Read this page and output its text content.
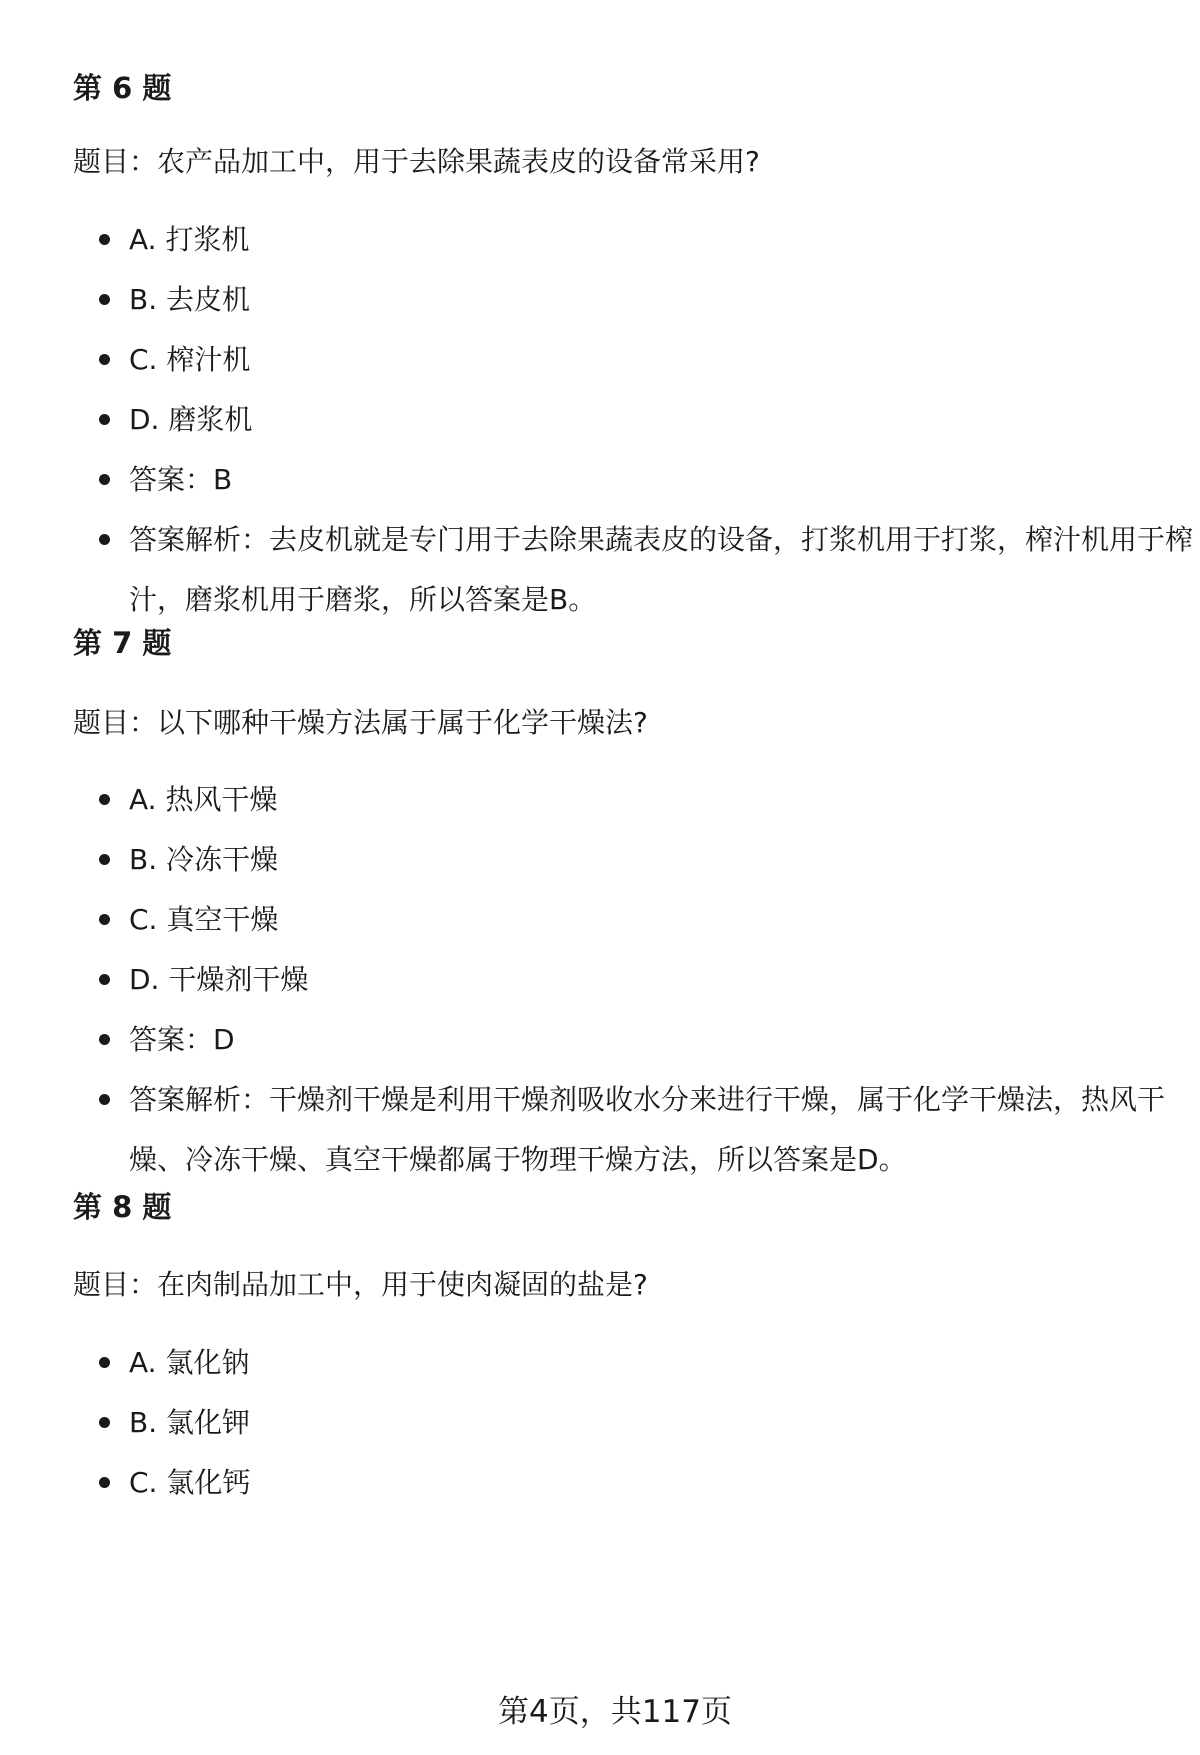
第 6 题

题目：农产品加工中，用于去除果蔬表皮的设备常采用?

A. 打浆机
B. 去皮机
C. 榨汁机
D. 磨浆机
答案：B
答案解析：去皮机就是专门用于去除果蔬表皮的设备，打浆机用于打浆，榨汁机用于榨汁，磨浆机用于磨浆，所以答案是B。
第 7 题

题目：以下哪种干燥方法属于属于化学干燥法?

A. 热风干燥
B. 冷冻干燥
C. 真空干燥
D. 干燥剂干燥
答案：D
答案解析：干燥剂干燥是利用干燥剂吸收水分来进行干燥，属于化学干燥法，热风干燥、冷冻干燥、真空干燥都属于物理干燥方法，所以答案是D。
第 8 题

题目：在肉制品加工中，用于使肉凝固的盐是?

A. 氯化钠
B. 氯化钾
C. 氯化钙
第4页，共117页
